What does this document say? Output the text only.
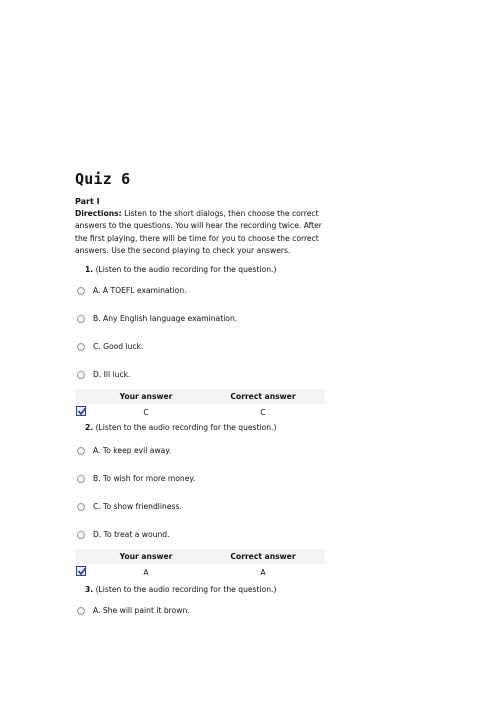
Quiz 6
Part I
Directions: Listen to the short dialogs, then choose the correct answers to the questions. You will hear the recording twice. After the first playing, there will be time for you to choose the correct answers. Use the second playing to check your answers.
1. (Listen to the audio recording for the question.)
A. A TOEFL examination.
B. Any English language examination.
C. Good luck.
D. Ill luck.
Your answer	Correct answer
C	C
2. (Listen to the audio recording for the question.)
A. To keep evil away.
B. To wish for more money.
C. To show friendliness.
D. To treat a wound.
Your answer	Correct answer
A	A
3. (Listen to the audio recording for the question.)
A. She will paint it brown.
